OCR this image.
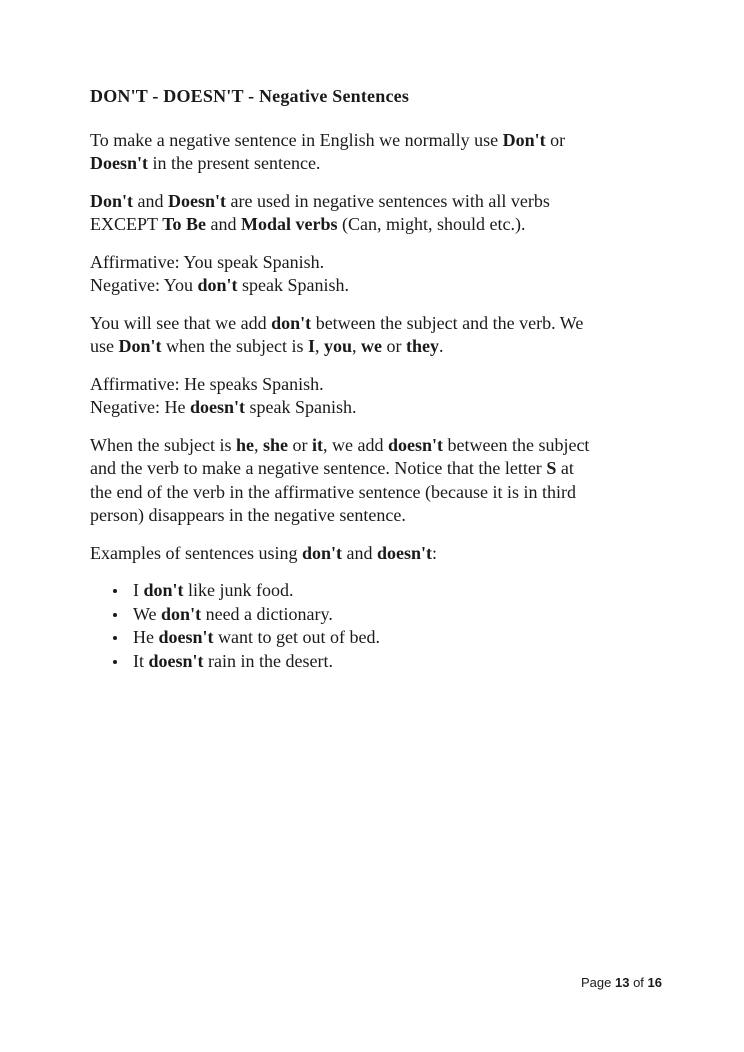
DON'T - DOESN'T - Negative Sentences

To make a negative sentence in English we normally use Don't or
Doesn't in the present sentence.

Don't and Doesn't are used in negative sentences with all verbs
EXCEPT To Be and Modal verbs (Can, might, should etc.).

Affirmative: You speak Spanish.
Negative: You don't speak Spanish.

You will see that we add don't between the subject and the verb. We
use Don't when the subject is I, you, we or they.

Affirmative: He speaks Spanish.
Negative: He doesn't speak Spanish.

When the subject is he, she or it, we add doesn't between the subject
and the verb to make a negative sentence. Notice that the letter S at
the end of the verb in the affirmative sentence (because it is in third
person) disappears in the negative sentence.

Examples of sentences using don't and doesn't:

I don't like junk food.
We don't need a dictionary.
He doesn't want to get out of bed.
It doesn't rain in the desert.
Page 13 of 16
